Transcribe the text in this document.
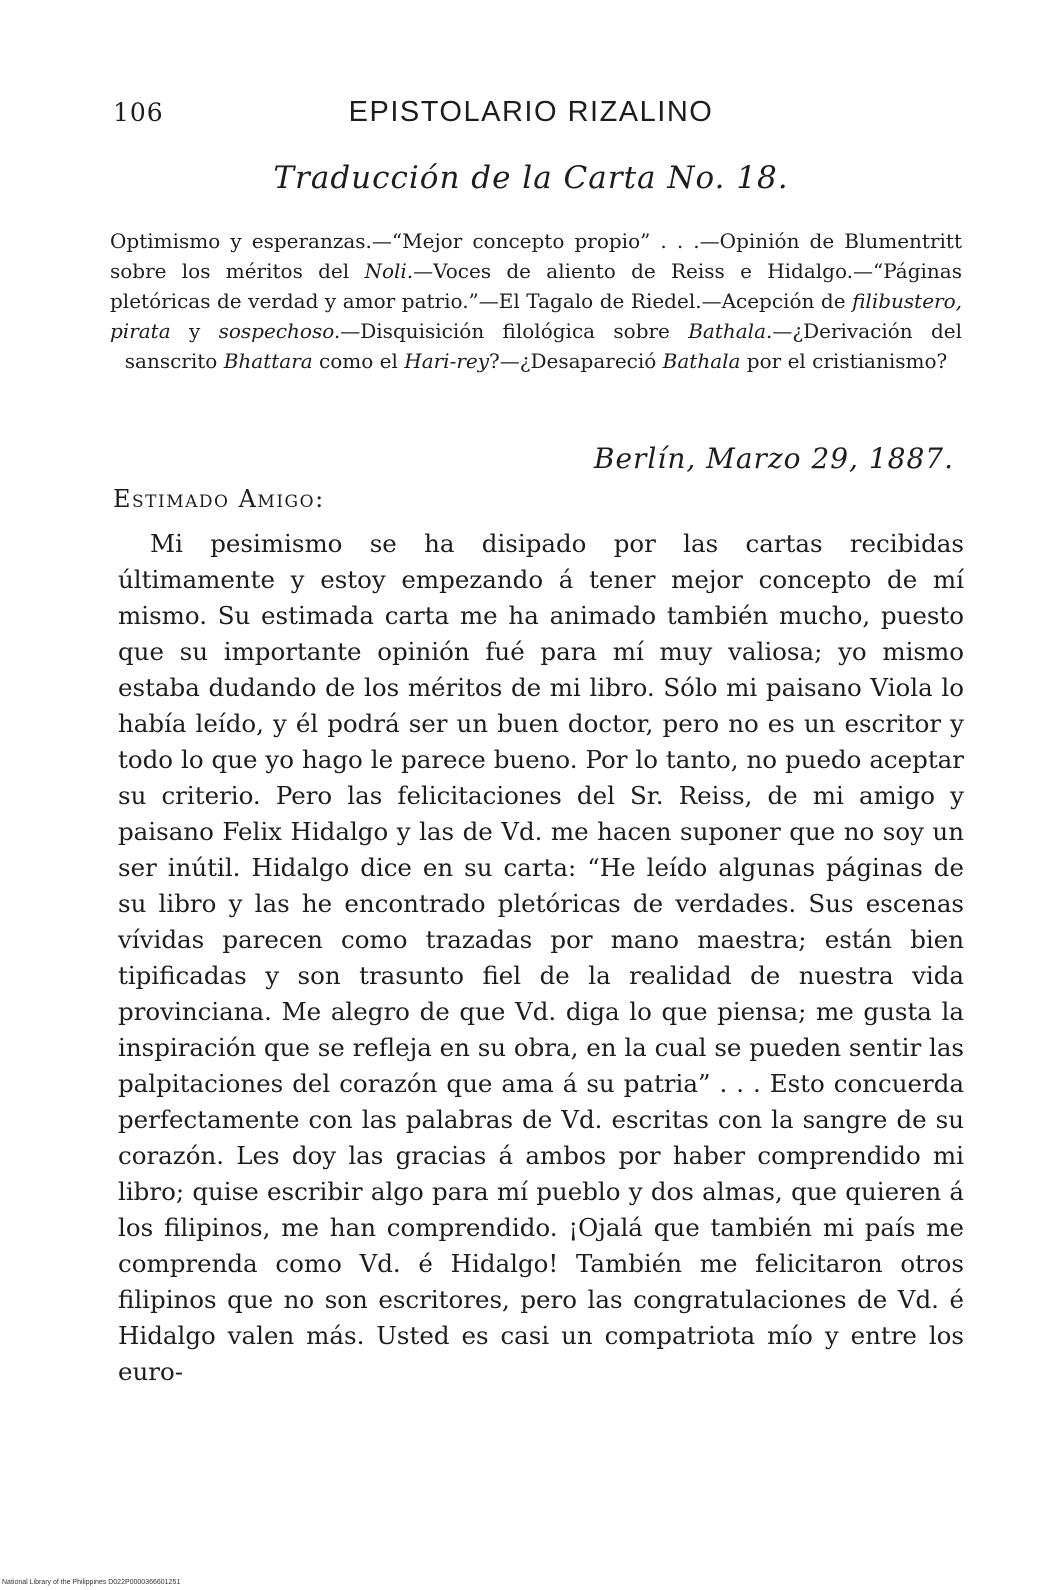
106	EPISTOLARIO RIZALINO
Traducción de la Carta No. 18.
Optimismo y esperanzas.—“Mejor concepto propio” . . .—Opinión de Blumentritt sobre los méritos del Noli.—Voces de aliento de Reiss e Hidalgo.—“Páginas pletóricas de verdad y amor patrio.”—El Tagalo de Riedel.—Acepción de filibustero, pirata y sospechoso.—Disquisición filológica sobre Bathala.—¿Derivación del sanscrito Bhattara como el Hari-rey?—¿Desapareció Bathala por el cristianismo?
Berlín, Marzo 29, 1887.
Estimado Amigo:

Mi pesimismo se ha disipado por las cartas recibidas últimamente y estoy empezando á tener mejor concepto de mí mismo. Su estimada carta me ha animado también mucho, puesto que su importante opinión fué para mí muy valiosa; yo mismo estaba dudando de los méritos de mi libro. Sólo mi paisano Viola lo había leído, y él podrá ser un buen doctor, pero no es un escritor y todo lo que yo hago le parece bueno. Por lo tanto, no puedo aceptar su criterio. Pero las felicitaciones del Sr. Reiss, de mi amigo y paisano Felix Hidalgo y las de Vd. me hacen suponer que no soy un ser inútil. Hidalgo dice en su carta: “He leído algunas páginas de su libro y las he encontrado pletóricas de verdades. Sus escenas vívidas parecen como trazadas por mano maestra; están bien tipificadas y son trasunto fiel de la realidad de nuestra vida provinciana. Me alegro de que Vd. diga lo que piensa; me gusta la inspiración que se refleja en su obra, en la cual se pueden sentir las palpitaciones del corazón que ama á su patria” . . . Esto concuerda perfectamente con las palabras de Vd. escritas con la sangre de su corazón. Les doy las gracias á ambos por haber comprendido mi libro; quise escribir algo para mí pueblo y dos almas, que quieren á los filipinos, me han comprendido. ¡Ojalá que también mi país me comprenda como Vd. é Hidalgo! También me felicitaron otros filipinos que no son escritores, pero las congratulaciones de Vd. é Hidalgo valen más. Usted es casi un compatriota mío y entre los euro-

National Library of the Philippines D022P0000366601251
